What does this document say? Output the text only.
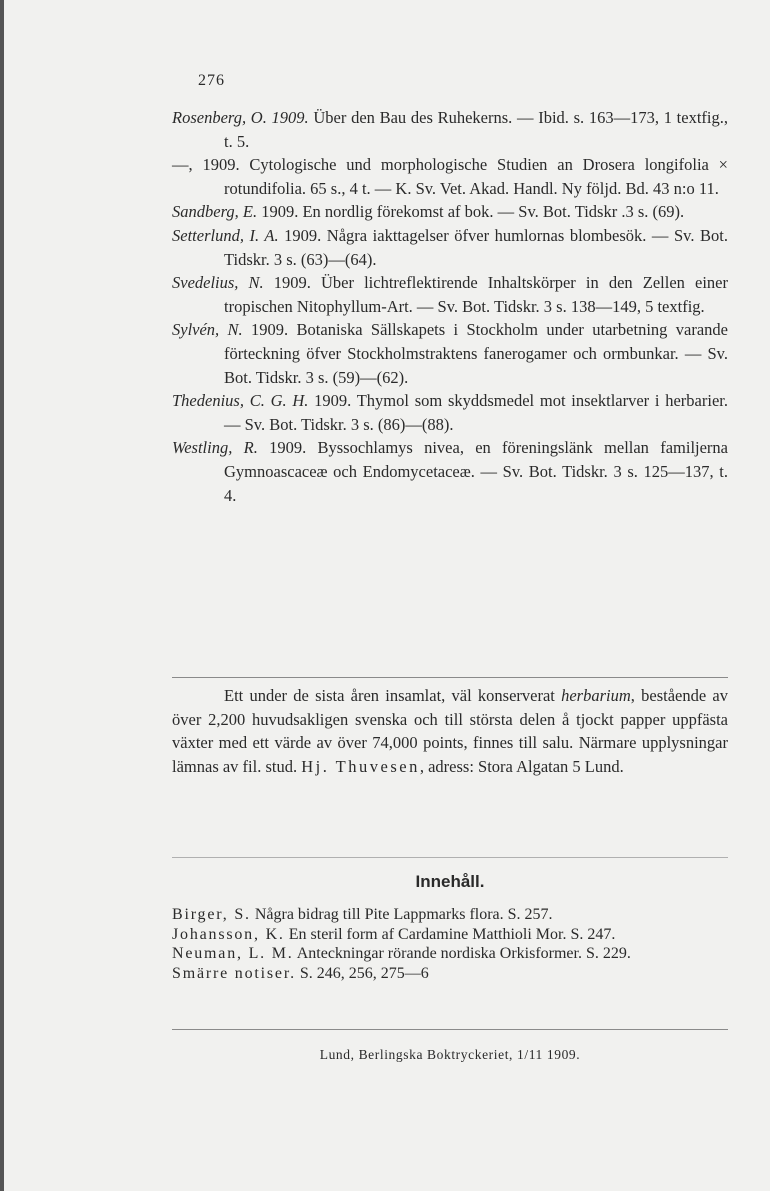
276
Rosenberg, O. 1909. Über den Bau des Ruhekerns. — Ibid. s. 163—173, 1 textfig., t. 5.
—, 1909. Cytologische und morphologische Studien an Drosera longifolia × rotundifolia. 65 s., 4 t. — K. Sv. Vet. Akad. Handl. Ny följd. Bd. 43 n:o 11.
Sandberg, E. 1909. En nordlig förekomst af bok. — Sv. Bot. Tidskr .3 s. (69).
Setterlund, I. A. 1909. Några iakttagelser öfver humlornas blombesök. — Sv. Bot. Tidskr. 3 s. (63)—(64).
Svedelius, N. 1909. Über lichtreflektirende Inhaltskörper in den Zellen einer tropischen Nitophyllum-Art. — Sv. Bot. Tidskr. 3 s. 138—149, 5 textfig.
Sylvén, N. 1909. Botaniska Sällskapets i Stockholm under utarbetning varande förteckning öfver Stockholmstraktens fanerogamer och ormbunkar. — Sv. Bot. Tidskr. 3 s. (59)—(62).
Thedenius, C. G. H. 1909. Thymol som skyddsmedel mot insektlarver i herbarier. — Sv. Bot. Tidskr. 3 s. (86)—(88).
Westling, R. 1909. Byssochlamys nivea, en föreningslänk mellan familjerna Gymnoascaceæ och Endomycetaceæ. — Sv. Bot. Tidskr. 3 s. 125—137, t. 4.
Ett under de sista åren insamlat, väl konserverat herbarium, bestående av över 2,200 huvudsakligen svenska och till största delen å tjockt papper uppfästa växter med ett värde av över 74,000 points, finnes till salu. Närmare upplysningar lämnas av fil. stud. Hj. Thuvesen, adress: Stora Algatan 5 Lund.
Innehåll.
Birger, S. Några bidrag till Pite Lappmarks flora. S. 257.
Johansson, K. En steril form af Cardamine Matthioli Mor. S. 247.
Neuman, L. M. Anteckningar rörande nordiska Orkisformer. S. 229.
Smärre notiser. S. 246, 256, 275—6
Lund, Berlingska Boktryckeriet, 1/11 1909.
